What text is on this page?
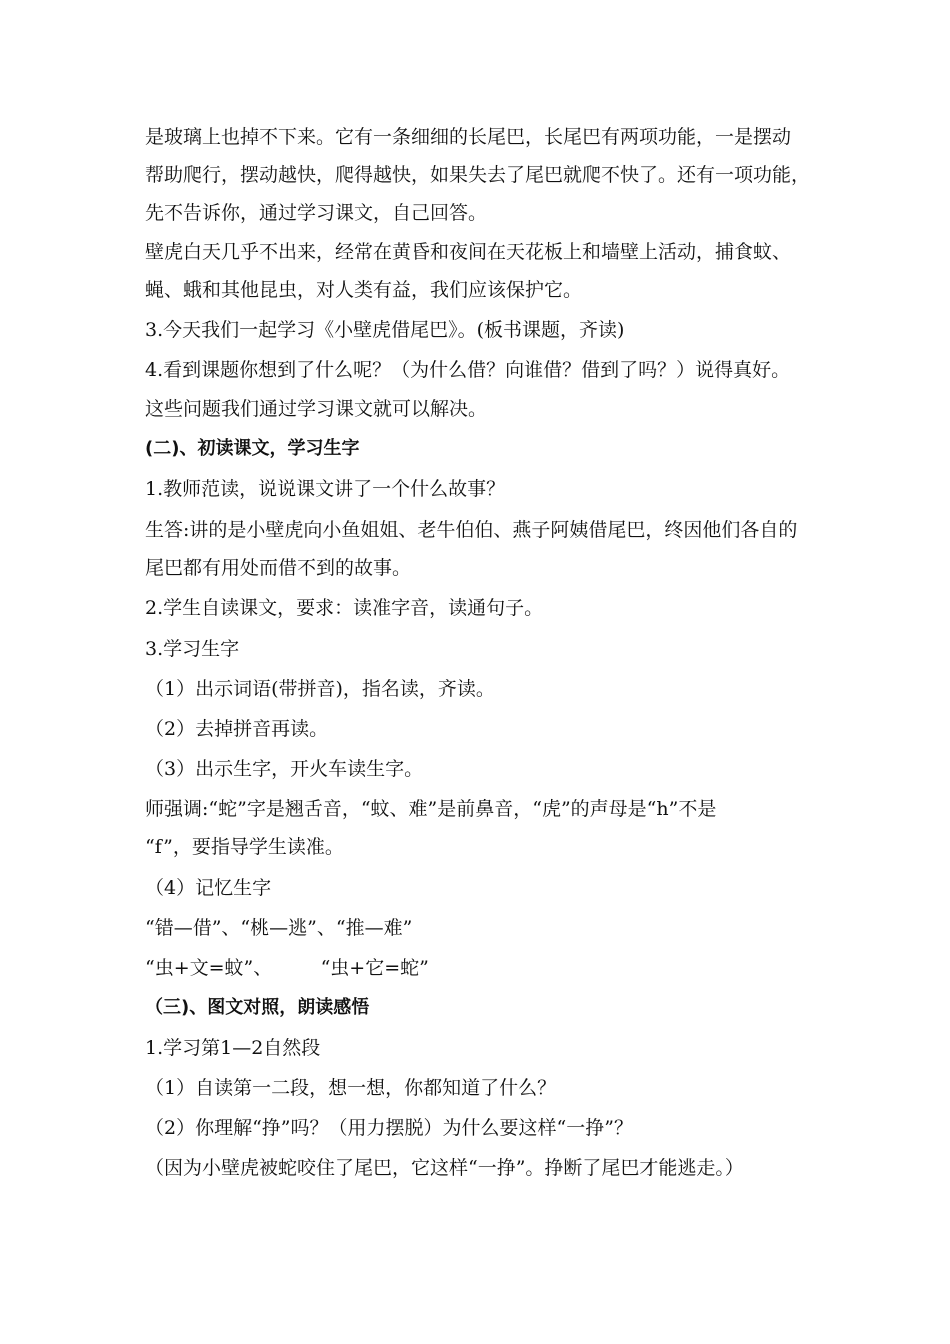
是玻璃上也掉不下来。它有一条细细的长尾巴，长尾巴有两项功能，一是摆动
帮助爬行，摆动越快，爬得越快，如果失去了尾巴就爬不快了。还有一项功能，
先不告诉你，通过学习课文，自己回答。
壁虎白天几乎不出来，经常在黄昏和夜间在天花板上和墙壁上活动，捕食蚊、
蝇、蛾和其他昆虫，对人类有益，我们应该保护它。
3.今天我们一起学习《小壁虎借尾巴》。(板书课题，齐读)
4.看到课题你想到了什么呢？（为什么借？向谁借？借到了吗？）说得真好。
这些问题我们通过学习课文就可以解决。
(二)、初读课文，学习生字
1.教师范读，说说课文讲了一个什么故事？
生答:讲的是小壁虎向小鱼姐姐、老牛伯伯、燕子阿姨借尾巴，终因他们各自的
尾巴都有用处而借不到的故事。
2.学生自读课文，要求：读准字音，读通句子。
3.学习生字
（1）出示词语(带拼音)，指名读，齐读。
（2）去掉拼音再读。
（3）出示生字，开火车读生字。
师强调:“蛇”字是翘舌音，“蚊、难”是前鼻音，“虎”的声母是“h”不是
“f”，要指导学生读准。
（4）记忆生字
“错—借”、“桃—逃”、“推—难”
“虫+文=蚊”、        “虫+它=蛇”
（三)、图文对照，朗读感悟
1.学习第1—2自然段
（1）自读第一二段，想一想，你都知道了什么？
（2）你理解“挣”吗？（用力摆脱）为什么要这样“一挣”？
（因为小壁虎被蛇咬住了尾巴，它这样“一挣”。挣断了尾巴才能逃走。）
